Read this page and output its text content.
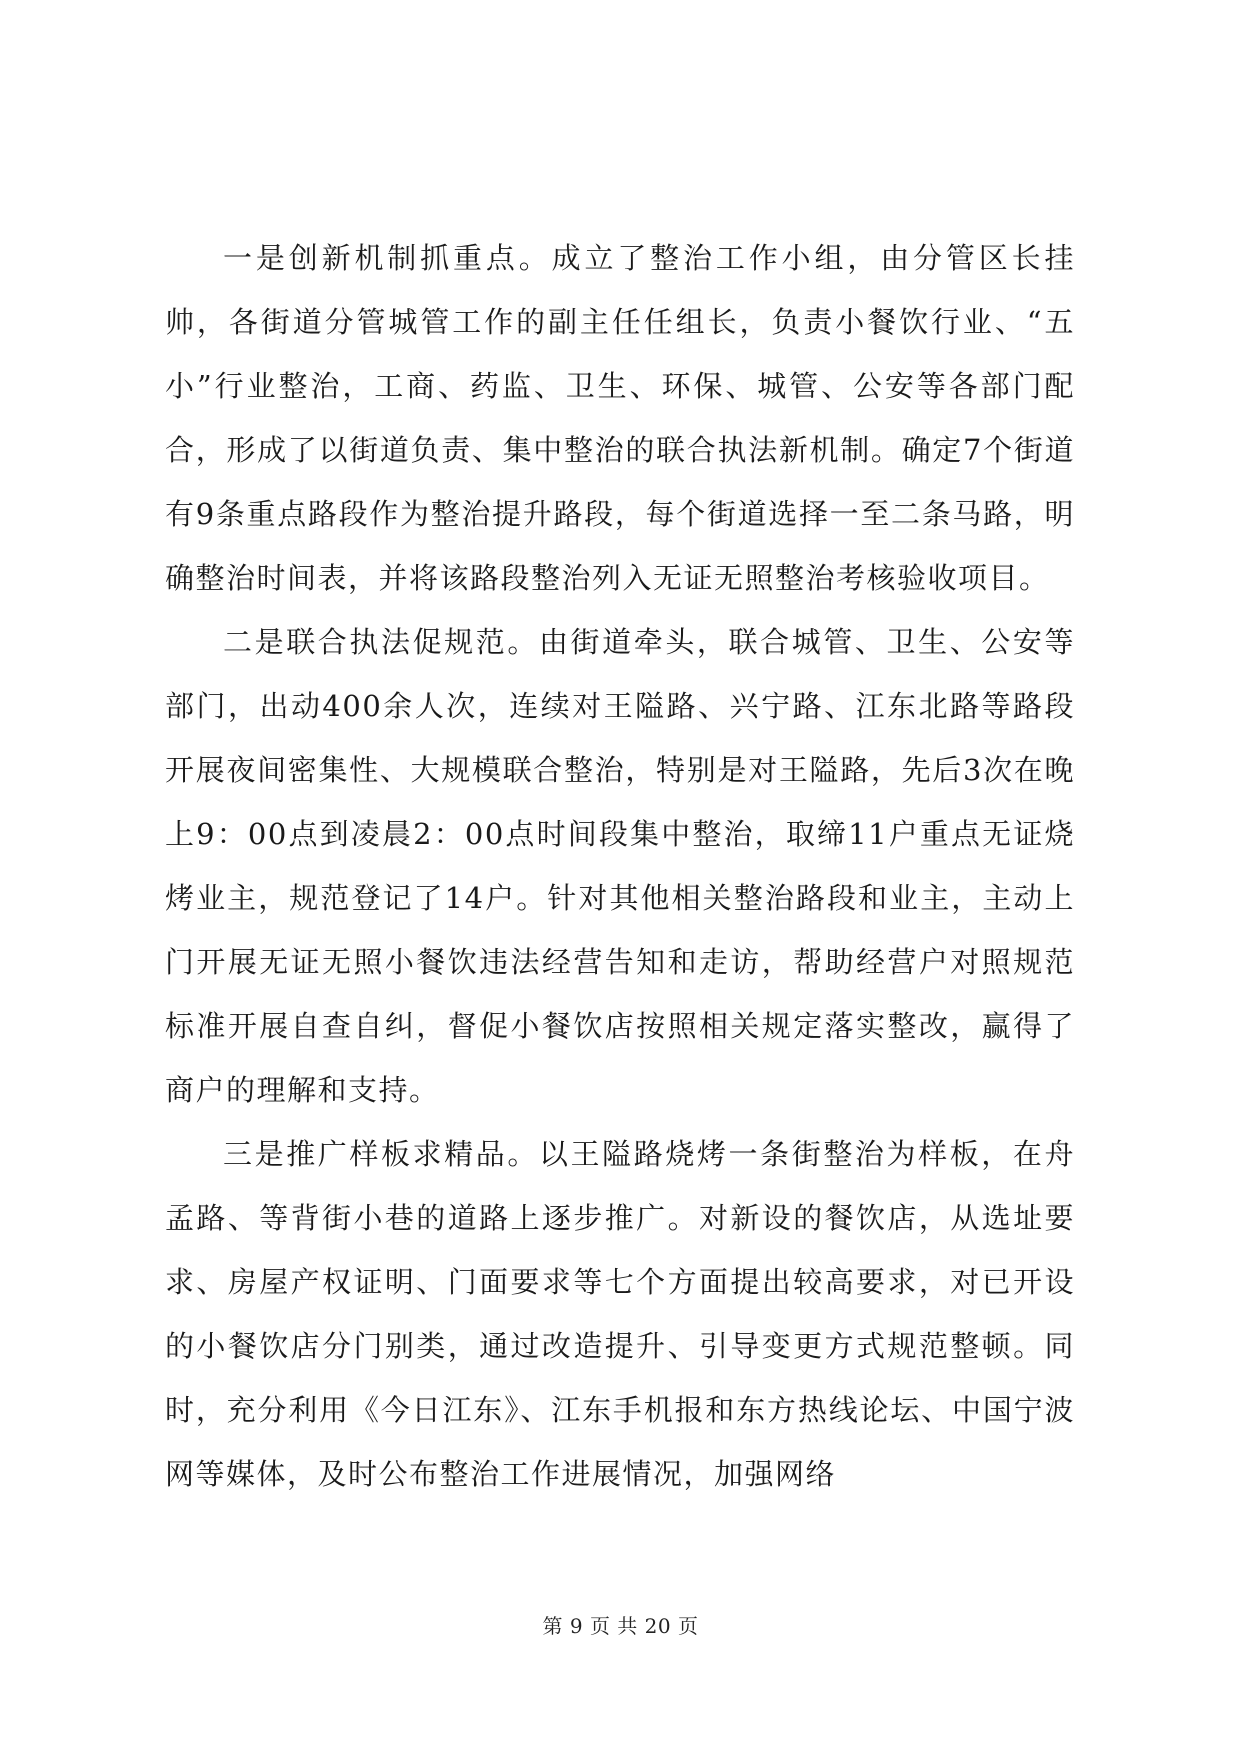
一是创新机制抓重点。成立了整治工作小组，由分管区长挂帅，各街道分管城管工作的副主任任组长，负责小餐饮行业、“五小”行业整治，工商、药监、卫生、环保、城管、公安等各部门配合，形成了以街道负责、集中整治的联合执法新机制。确定7个街道有9条重点路段作为整治提升路段，每个街道选择一至二条马路，明确整治时间表，并将该路段整治列入无证无照整治考核验收项目。

二是联合执法促规范。由街道牵头，联合城管、卫生、公安等部门，出动400余人次，连续对王隘路、兴宁路、江东北路等路段开展夜间密集性、大规模联合整治，特别是对王隘路，先后3次在晚上9：00点到凌晨2：00点时间段集中整治，取缔11户重点无证烧烤业主，规范登记了14户。针对其他相关整治路段和业主，主动上门开展无证无照小餐饮违法经营告知和走访，帮助经营户对照规范标准开展自查自纠，督促小餐饮店按照相关规定落实整改，赢得了商户的理解和支持。

三是推广样板求精品。以王隘路烧烤一条街整治为样板，在舟孟路、等背街小巷的道路上逐步推广。对新设的餐饮店，从选址要求、房屋产权证明、门面要求等七个方面提出较高要求，对已开设的小餐饮店分门别类，通过改造提升、引导变更方式规范整顿。同时，充分利用《今日江东》、江东手机报和东方热线论坛、中国宁波网等媒体，及时公布整治工作进展情况，加强网络

第 9 页 共 20 页
